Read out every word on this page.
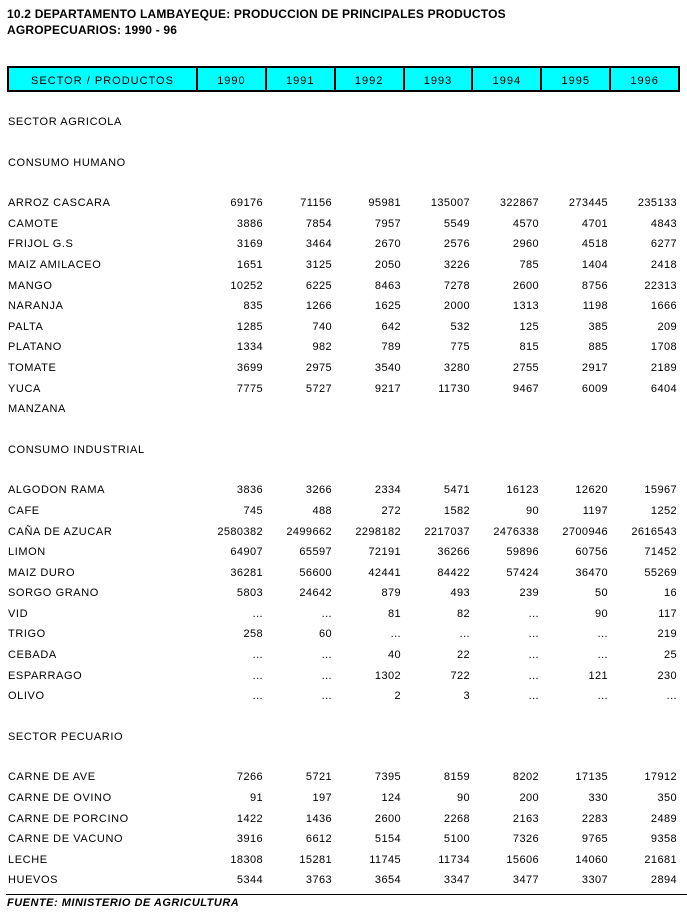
10.2 DEPARTAMENTO LAMBAYEQUE: PRODUCCION DE PRINCIPALES PRODUCTOS
AGROPECUARIOS: 1990 - 96
SECTOR / PRODUCTOS	1990	1991	1992	1993	1994	1995	1996
SECTOR AGRICOLA
CONSUMO HUMANO
ARROZ CASCARA	69176	71156	95981	135007	322867	273445	235133
CAMOTE	3886	7854	7957	5549	4570	4701	4843
FRIJOL G.S	3169	3464	2670	2576	2960	4518	6277
MAIZ AMILACEO	1651	3125	2050	3226	785	1404	2418
MANGO	10252	6225	8463	7278	2600	8756	22313
NARANJA	835	1266	1625	2000	1313	1198	1666
PALTA	1285	740	642	532	125	385	209
PLATANO	1334	982	789	775	815	885	1708
TOMATE	3699	2975	3540	3280	2755	2917	2189
YUCA	7775	5727	9217	11730	9467	6009	6404
MANZANA
CONSUMO INDUSTRIAL
ALGODON RAMA	3836	3266	2334	5471	16123	12620	15967
CAFE	745	488	272	1582	90	1197	1252
CAÑA DE AZUCAR	2580382	2499662	2298182	2217037	2476338	2700946	2616543
LIMON	64907	65597	72191	36266	59896	60756	71452
MAIZ DURO	36281	56600	42441	84422	57424	36470	55269
SORGO GRANO	5803	24642	879	493	239	50	16
VID	...	...	81	82	...	90	117
TRIGO	258	60	...	...	...	...	219
CEBADA	...	...	40	22	...	...	25
ESPARRAGO	...	...	1302	722	...	121	230
OLIVO	...	...	2	3	...	...	...
SECTOR PECUARIO
CARNE DE AVE	7266	5721	7395	8159	8202	17135	17912
CARNE DE OVINO	91	197	124	90	200	330	350
CARNE DE PORCINO	1422	1436	2600	2268	2163	2283	2489
CARNE DE VACUNO	3916	6612	5154	5100	7326	9765	9358
LECHE	18308	15281	11745	11734	15606	14060	21681
HUEVOS	5344	3763	3654	3347	3477	3307	2894
FUENTE: MINISTERIO DE AGRICULTURA
